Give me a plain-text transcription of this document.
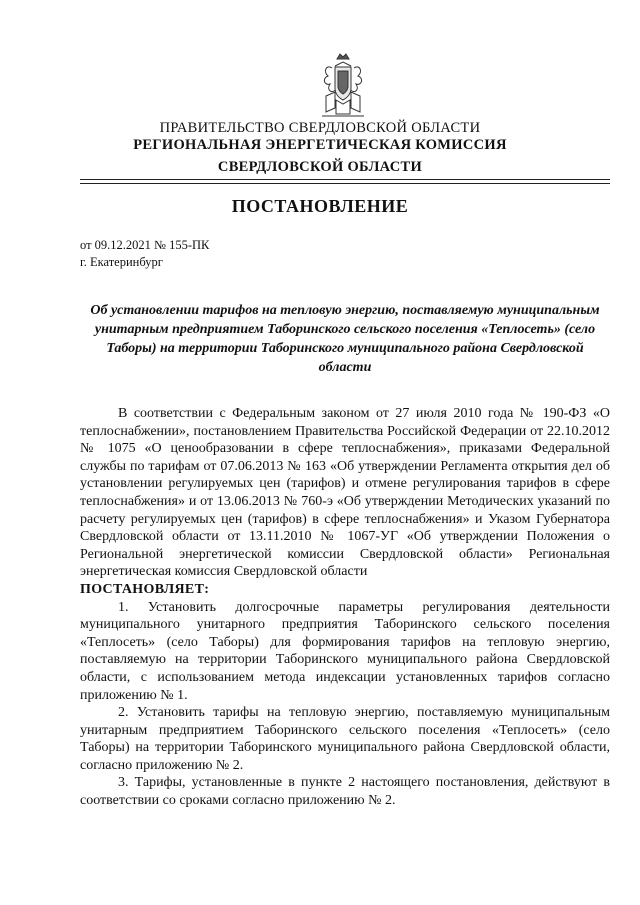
ПРАВИТЕЛЬСТВО СВЕРДЛОВСКОЙ ОБЛАСТИ
РЕГИОНАЛЬНАЯ ЭНЕРГЕТИЧЕСКАЯ КОМИССИЯ
СВЕРДЛОВСКОЙ ОБЛАСТИ
ПОСТАНОВЛЕНИЕ
от 09.12.2021 № 155-ПК
г. Екатеринбург
Об установлении тарифов на тепловую энергию, поставляемую муниципальным унитарным предприятием Таборинского сельского поселения «Теплосеть» (село Таборы) на территории Таборинского муниципального района Свердловской области

В соответствии с Федеральным законом от 27 июля 2010 года № 190-ФЗ «О теплоснабжении», постановлением Правительства Российской Федерации от 22.10.2012 № 1075 «О ценообразовании в сфере теплоснабжения», приказами Федеральной службы по тарифам от 07.06.2013 № 163 «Об утверждении Регламента открытия дел об установлении регулируемых цен (тарифов) и отмене регулирования тарифов в сфере теплоснабжения» и от 13.06.2013 № 760-э «Об утверждении Методических указаний по расчету регулируемых цен (тарифов) в сфере теплоснабжения» и Указом Губернатора Свердловской области от 13.11.2010 № 1067-УГ «Об утверждении Положения о Региональной энергетической комиссии Свердловской области» Региональная энергетическая комиссия Свердловской области

ПОСТАНОВЛЯЕТ:

1. Установить долгосрочные параметры регулирования деятельности муниципального унитарного предприятия Таборинского сельского поселения «Теплосеть» (село Таборы) для формирования тарифов на тепловую энергию, поставляемую на территории Таборинского муниципального района Свердловской области, с использованием метода индексации установленных тарифов согласно приложению № 1.

2. Установить тарифы на тепловую энергию, поставляемую муниципальным унитарным предприятием Таборинского сельского поселения «Теплосеть» (село Таборы) на территории Таборинского муниципального района Свердловской области, согласно приложению № 2.

3. Тарифы, установленные в пункте 2 настоящего постановления, действуют в соответствии со сроками согласно приложению № 2.
